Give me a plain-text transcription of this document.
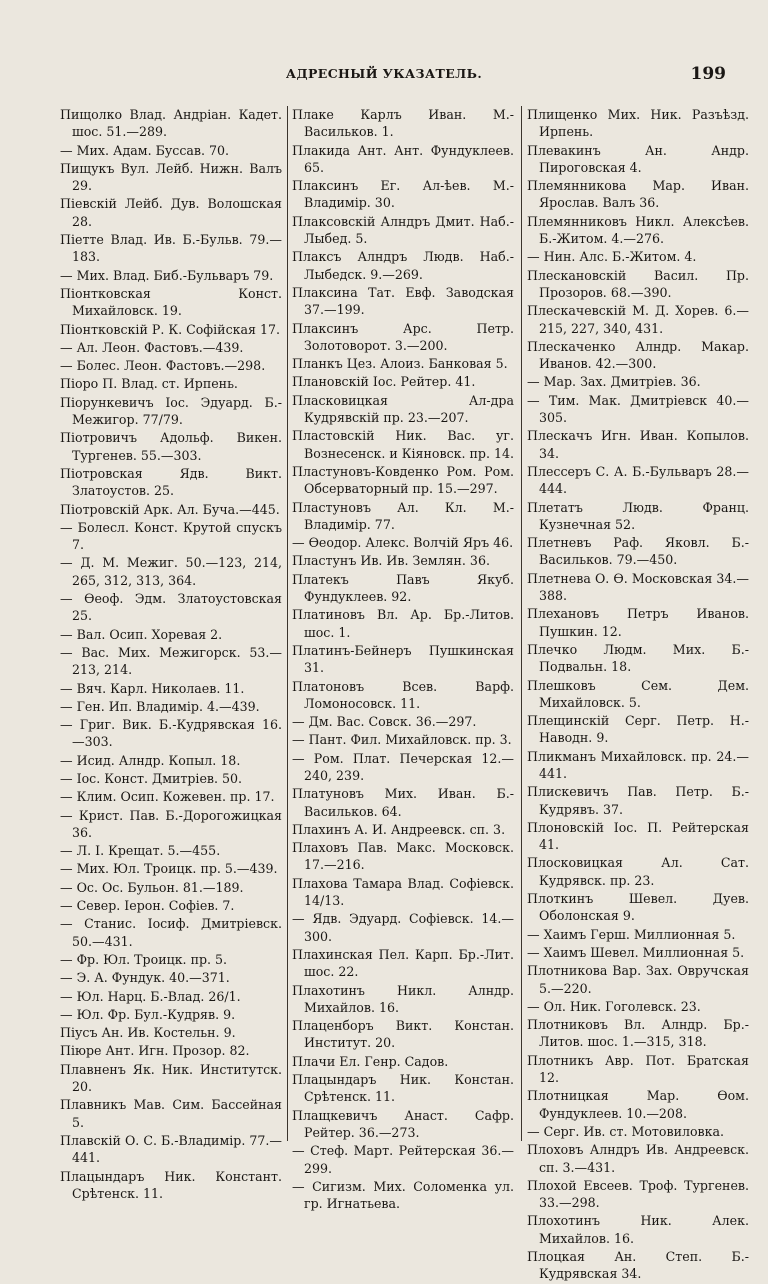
АДРЕСНЫЙ УКАЗАТЕЛЬ.	199
Пищолко Влад. Андріан. Кадет. шос. 51.—289.
— Мих. Адам. Буссав. 70.
Пищукъ Вул. Лейб. Нижн. Валъ 29.
Піевскій Лейб. Дув. Волошская 28.
Піетте Влад. Ив. Б.-Бульв. 79.—183.
— Мих. Влад. Биб.-Бульваръ 79.
Піонтковская Конст. Михайловск. 19.
Піонтковскій Р. К. Софійская 17.
— Ал. Леон. Фастовъ.—439.
— Болес. Леон. Фастовъ.—298.
Піоро П. Влад. ст. Ирпень.
Піорункевичъ Іос. Эдуард. Б.-Межигор. 77/79.
Піотровичъ Адольф. Викен. Тургенев. 55.—303.
Піотровская Ядв. Викт. Златоустов. 25.
Піотровскій Арк. Ал. Буча.—445.
— Болесл. Конст. Крутой спускъ 7.
— Д. М. Межиг. 50.—123, 214, 265, 312, 313, 364.
— Ѳеоф. Эдм. Златоустовская 25.
— Вал. Осип. Хоревая 2.
— Вас. Мих. Межигорск. 53.—213, 214.
— Вяч. Карл. Николаев. 11.
— Ген. Ип. Владимір. 4.—439.
— Григ. Вик. Б.-Кудрявская 16.—303.
— Исид. Алндр. Копыл. 18.
— Іос. Конст. Дмитріев. 50.
— Клим. Осип. Кожевен. пр. 17.
— Крист. Пав. Б.-Дорогожицкая 36.
— Л. І. Крещат. 5.—455.
— Мих. Юл. Троицк. пр. 5.—439.
— Ос. Ос. Бульон. 81.—189.
— Север. Іерон. Софіев. 7.
— Станис. Іосиф. Дмитріевск. 50.—431.
— Фр. Юл. Троицк. пр. 5.
— Э. А. Фундук. 40.—371.
— Юл. Нарц. Б.-Влад. 26/1.
— Юл. Фр. Бул.-Кудряв. 9.
Піусъ Ан. Ив. Костельн. 9.
Піюре Ант. Игн. Прозор. 82.
Плавненъ Як. Ник. Институтск. 20.
Плавникъ Мав. Сим. Бассейная 5.
Плавскій О. С. Б.-Владимір. 77.—441.
Плацындаръ Ник. Констант. Срѣтенск. 11.
Плаке Карлъ Иван. М.-Васильков. 1.
Плакида Ант. Ант. Фундуклеев. 65.
Плаксинъ Ег. Ал-ѣев. М.-Владимір. 30.
Плаксовскій Алндръ Дмит. Наб.-Лыбед. 5.
Плаксъ Алндръ Людв. Наб.-Лыбедск. 9.—269.
Плаксина Тат. Евф. Заводская 37.—199.
Плаксинъ Арс. Петр. Золотоворот. 3.—200.
Планкъ Цез. Алоиз. Банковая 5.
Плановскій Іос. Рейтер. 41.
Пласковицкая Ал-дра Кудрявскій пр. 23.—207.
Пластовскій Ник. Вас. уг. Вознесенск. и Кіяновск. пр. 14.
Пластуновъ-Ковденко Ром. Ром. Обсерваторный пр. 15.—297.
Пластуновъ Ал. Кл. М.-Владимір. 77.
— Ѳеодор. Алекс. Волчій Яръ 46.
Пластунъ Ив. Ив. Землян. 36.
Платекъ Павъ Якуб. Фундуклеев. 92.
Платиновъ Вл. Ар. Бр.-Литов. шос. 1.
Платинъ-Бейнеръ Пушкинская 31.
Платоновъ Всев. Варф. Ломоносовск. 11.
— Дм. Вас. Совск. 36.—297.
— Пант. Фил. Михайловск. пр. 3.
— Ром. Плат. Печерская 12.—240, 239.
Платуновъ Мих. Иван. Б.-Васильков. 64.
Плахинъ А. И. Андреевск. сп. 3.
Плаховъ Пав. Макс. Московск. 17.—216.
Плахова Тамара Влад. Софіевск. 14/13.
— Ядв. Эдуард. Софіевск. 14.—300.
Плахинская Пел. Карп. Бр.-Лит. шос. 22.
Плахотинъ Никл. Алндр. Михайлов. 16.
Плаценборъ Викт. Констан. Институт. 20.
Плачи Ел. Генр. Садов.
Плацындаръ Ник. Констан. Срѣтенск. 11.
Плащкевичъ Анаст. Сафр. Рейтер. 36.—273.
— Стеф. Март. Рейтерская 36.—299.
— Сигизм. Мих. Соломенка ул. гр. Игнатьева.
Плищенко Мих. Ник. Разъѣзд. Ирпень.
Плевакинъ Ан. Андр. Пироговская 4.
Племянникова Мар. Иван. Ярослав. Валъ 36.
Племянниковъ Никл. Алексѣев. Б.-Житом. 4.—276.
— Нин. Алс. Б.-Житом. 4.
Плескановскій Васил. Пр. Прозоров. 68.—390.
Плескачевскій М. Д. Хорев. 6.—215, 227, 340, 431.
Плескаченко Алндр. Макар. Иванов. 42.—300.
— Мар. Зах. Дмитріев. 36.
— Тим. Мак. Дмитріевск 40.—305.
Плескачъ Игн. Иван. Копылов. 34.
Плессеръ С. А. Б.-Бульваръ 28.—444.
Плетатъ Людв. Франц. Кузнечная 52.
Плетневъ Раф. Яковл. Б.-Васильков. 79.—450.
Плетнева О. Ѳ. Московская 34.—388.
Плехановъ Петръ Иванов. Пушкин. 12.
Плечко Людм. Мих. Б.-Подвальн. 18.
Плешковъ Сем. Дем. Михайловск. 5.
Плещинскій Серг. Петр. Н.-Наводн. 9.
Пликманъ Михайловск. пр. 24.—441.
Плискевичъ Пав. Петр. Б.-Кудрявъ. 37.
Плоновскій Іос. П. Рейтерская 41.
Плосковицкая Ал. Сат. Кудрявск. пр. 23.
Плоткинъ Шевел. Дуев. Оболонская 9.
— Хаимъ Герш. Миллионная 5.
— Хаимъ Шевел. Миллионная 5.
Плотникова Вар. Зах. Овручская 5.—220.
— Ол. Ник. Гоголевск. 23.
Плотниковъ Вл. Алндр. Бр.-Литов. шос. 1.—315, 318.
Плотникъ Авр. Пот. Братская 12.
Плотницкая Мар. Ѳом. Фундуклеев. 10.—208.
— Серг. Ив. ст. Мотовиловка.
Плоховъ Алндръ Ив. Андреевск. сп. 3.—431.
Плохой Евсеев. Троф. Тургенев. 33.—298.
Плохотинъ Ник. Алек. Михайлов. 16.
Плоцкая Ан. Степ. Б.-Кудрявская 34.
